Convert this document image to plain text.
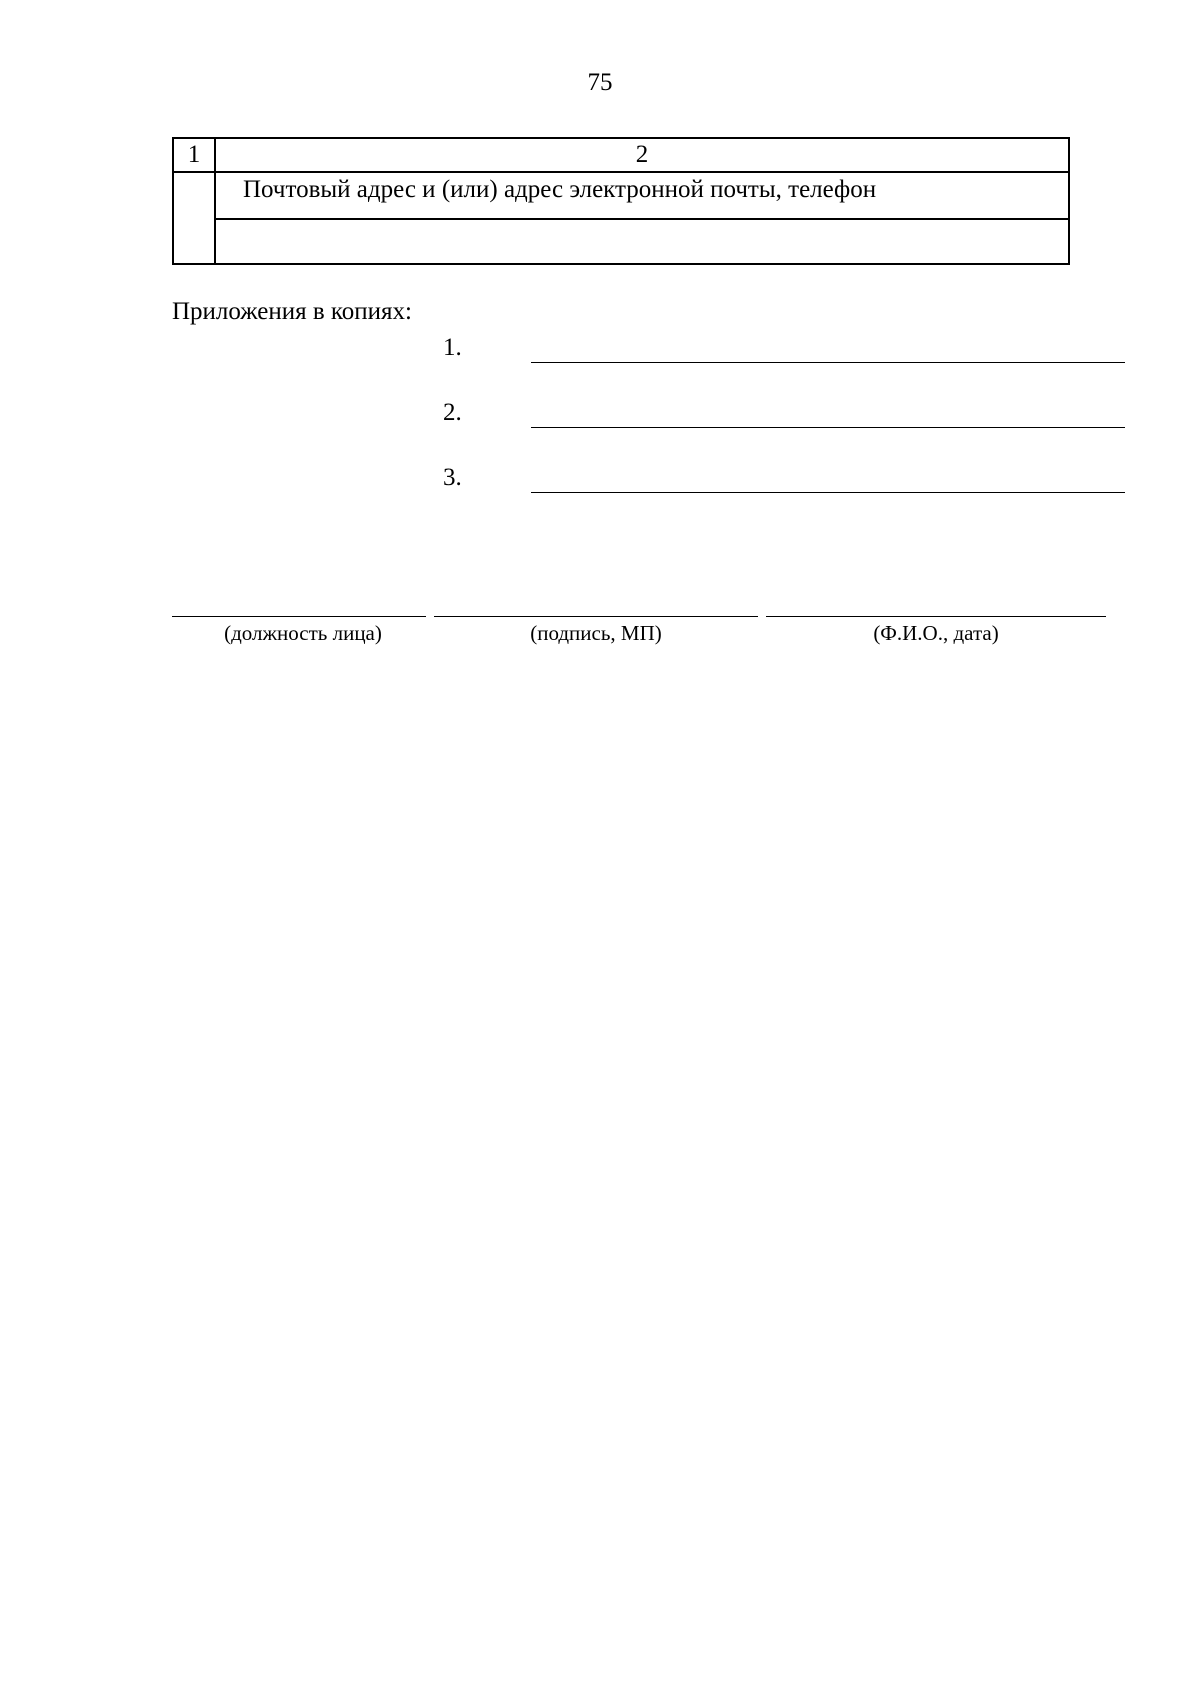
75
1	2
	Почтовый адрес и (или) адрес электронной почты, телефон

Приложения в копиях:
1.
2.
3.
(должность лица)	(подпись, МП)	(Ф.И.О., дата)
